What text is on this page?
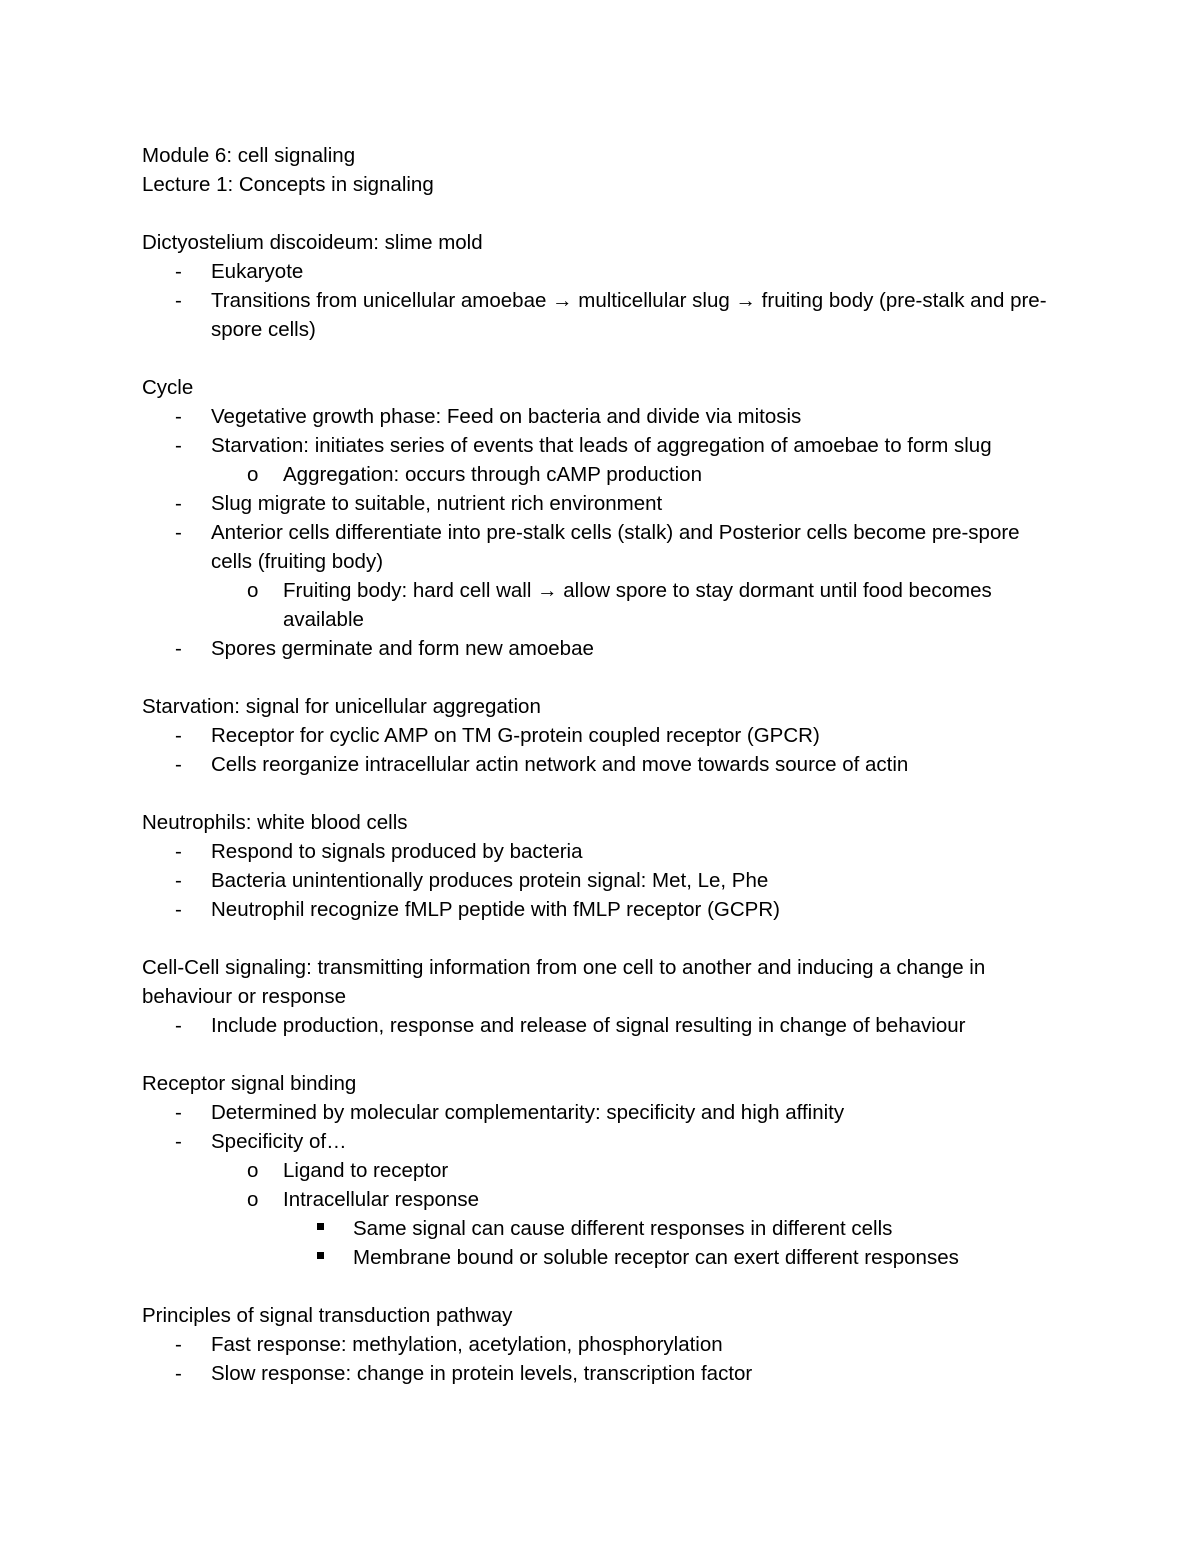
Module 6: cell signaling

Lecture 1: Concepts in signaling

Dictyostelium discoideum: slime mold

-	Eukaryote
-	Transitions from unicellular amoebae → multicellular slug → fruiting body (pre-stalk and pre-spore cells)

Cycle

-	Vegetative growth phase: Feed on bacteria and divide via mitosis
-	Starvation: initiates series of events that leads of aggregation of amoebae to form slug
o	Aggregation: occurs through cAMP production
-	Slug migrate to suitable, nutrient rich environment
-	Anterior cells differentiate into pre-stalk cells (stalk) and Posterior cells become pre-spore cells (fruiting body)
o	Fruiting body: hard cell wall → allow spore to stay dormant until food becomes available
-	Spores germinate and form new amoebae

Starvation: signal for unicellular aggregation

-	Receptor for cyclic AMP on TM G-protein coupled receptor (GPCR)
-	Cells reorganize intracellular actin network and move towards source of actin

Neutrophils: white blood cells

-	Respond to signals produced by bacteria
-	Bacteria unintentionally produces protein signal: Met, Le, Phe
-	Neutrophil recognize fMLP peptide with fMLP receptor (GCPR)

Cell-Cell signaling: transmitting information from one cell to another and inducing a change in behaviour or response

-	Include production, response and release of signal resulting in change of behaviour

Receptor signal binding

-	Determined by molecular complementarity: specificity and high affinity
-	Specificity of…
o	Ligand to receptor
o	Intracellular response
Same signal can cause different responses in different cells
Membrane bound or soluble receptor can exert different responses

Principles of signal transduction pathway

-	Fast response: methylation, acetylation, phosphorylation
-	Slow response: change in protein levels, transcription factor
